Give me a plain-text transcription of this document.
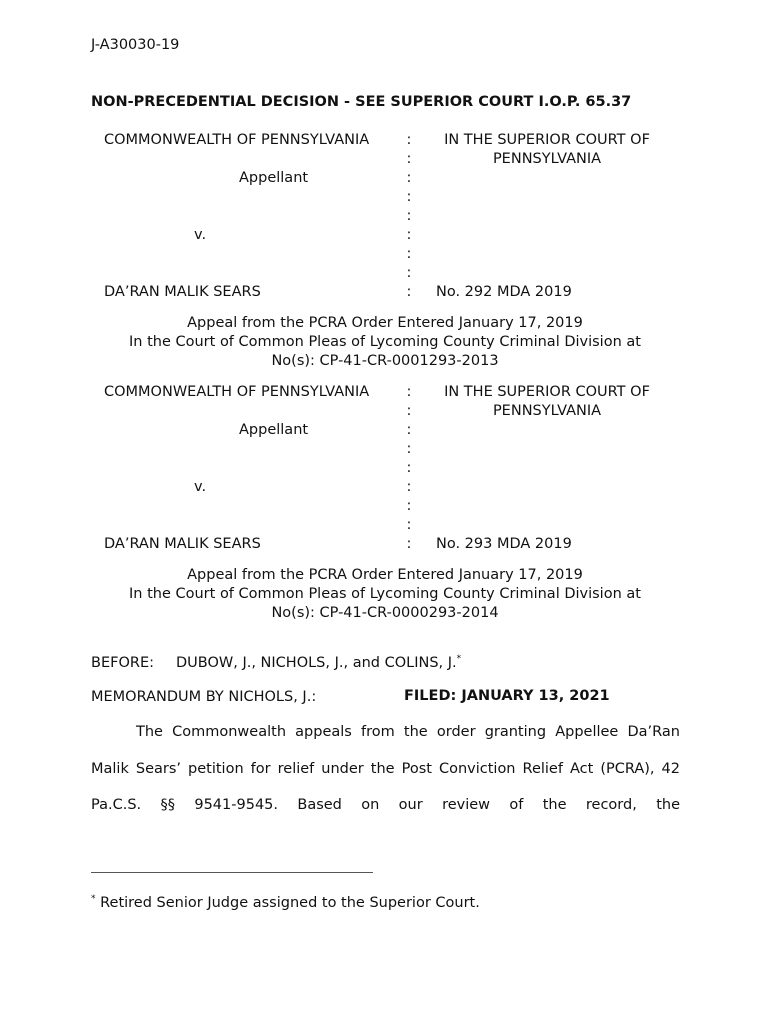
J-A30030-19
NON-PRECEDENTIAL DECISION - SEE SUPERIOR COURT I.O.P. 65.37
COMMONWEALTH OF PENNSYLVANIA
Appellant
v.
DA’RAN MALIK SEARS
IN THE SUPERIOR COURT OF
PENNSYLVANIA
No. 292 MDA 2019
:
:
:
:
:
:
:
:
:
Appeal from the PCRA Order Entered January 17, 2019
In the Court of Common Pleas of Lycoming County Criminal Division at
No(s): CP-41-CR-0001293-2013
COMMONWEALTH OF PENNSYLVANIA
Appellant
v.
DA’RAN MALIK SEARS
IN THE SUPERIOR COURT OF
PENNSYLVANIA
No. 293 MDA 2019
:
:
:
:
:
:
:
:
:
Appeal from the PCRA Order Entered January 17, 2019
In the Court of Common Pleas of Lycoming County Criminal Division at
No(s): CP-41-CR-0000293-2014
BEFORE: DUBOW, J., NICHOLS, J., and COLINS, J.*
MEMORANDUM BY NICHOLS, J.:	FILED: JANUARY 13, 2021
The Commonwealth appeals from the order granting Appellee Da’Ran
Malik Sears’ petition for relief under the Post Conviction Relief Act (PCRA), 42
Pa.C.S. §§ 9541-9545. Based on our review of the record, the
* Retired Senior Judge assigned to the Superior Court.
